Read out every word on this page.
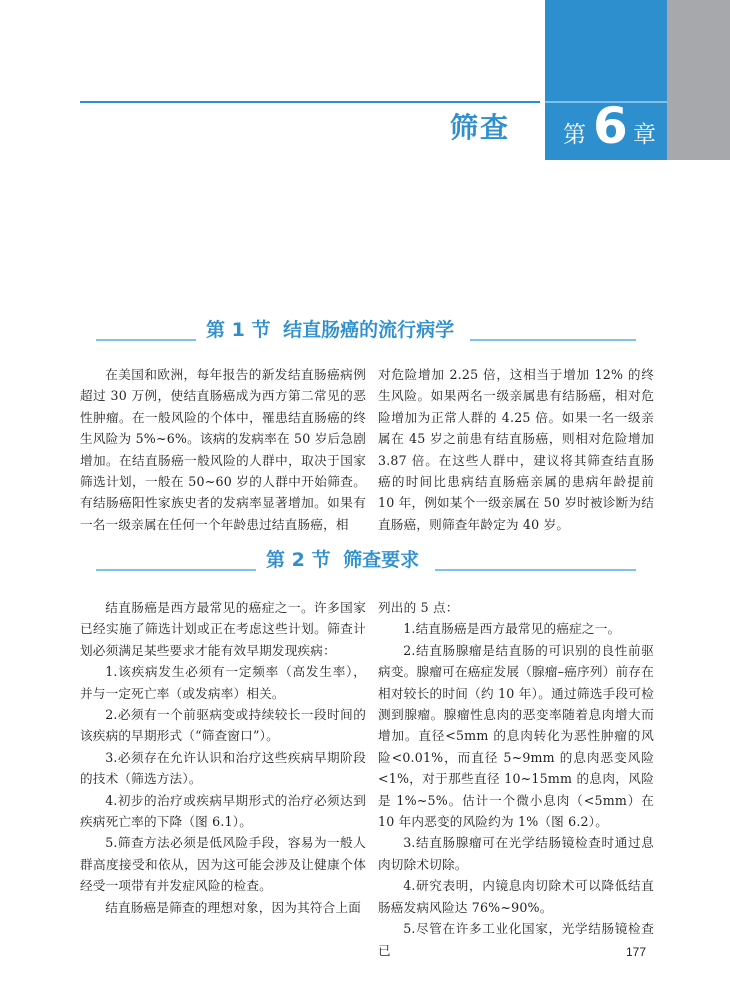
筛查 第 6 章
第 1 节 结直肠癌的流行病学

在美国和欧洲，每年报告的新发结直肠癌病例超过 30 万例，使结直肠癌成为西方第二常见的恶性肿瘤。在一般风险的个体中，罹患结直肠癌的终生风险为 5%~6%。该病的发病率在 50 岁后急剧增加。在结直肠癌一般风险的人群中，取决于国家筛选计划，一般在 50~60 岁的人群中开始筛查。有结肠癌阳性家族史者的发病率显著增加。如果有一名一级亲属在任何一个年龄患过结直肠癌，相

对危险增加 2.25 倍，这相当于增加 12% 的终生风险。如果两名一级亲属患有结肠癌，相对危险增加为正常人群的 4.25 倍。如果一名一级亲属在 45 岁之前患有结直肠癌，则相对危险增加 3.87 倍。在这些人群中，建议将其筛查结直肠癌的时间比患病结直肠癌亲属的患病年龄提前 10 年，例如某个一级亲属在 50 岁时被诊断为结直肠癌，则筛查年龄定为 40 岁。

第 2 节 筛查要求

结直肠癌是西方最常见的癌症之一。许多国家已经实施了筛选计划或正在考虑这些计划。筛查计划必须满足某些要求才能有效早期发现疾病：

1.该疾病发生必须有一定频率（高发生率），并与一定死亡率（或发病率）相关。

2.必须有一个前驱病变或持续较长一段时间的该疾病的早期形式（“筛查窗口”）。

3.必须存在允许认识和治疗这些疾病早期阶段的技术（筛选方法）。

4.初步的治疗或疾病早期形式的治疗必须达到疾病死亡率的下降（图 6.1）。

5.筛查方法必须是低风险手段，容易为一般人群高度接受和依从，因为这可能会涉及让健康个体经受一项带有并发症风险的检查。

结直肠癌是筛查的理想对象，因为其符合上面

列出的 5 点：

1.结直肠癌是西方最常见的癌症之一。

2.结直肠腺瘤是结直肠的可识别的良性前驱病变。腺瘤可在癌症发展（腺瘤–癌序列）前存在相对较长的时间（约 10 年）。通过筛选手段可检测到腺瘤。腺瘤性息肉的恶变率随着息肉增大而增加。直径<5mm 的息肉转化为恶性肿瘤的风险<0.01%，而直径 5~9mm 的息肉恶变风险<1%，对于那些直径 10~15mm 的息肉，风险是 1%~5%。估计一个微小息肉（<5mm）在 10 年内恶变的风险约为 1%（图 6.2）。

3.结直肠腺瘤可在光学结肠镜检查时通过息肉切除术切除。

4.研究表明，内镜息肉切除术可以降低结直肠癌发病风险达 76%~90%。

5.尽管在许多工业化国家，光学结肠镜检查已	177
